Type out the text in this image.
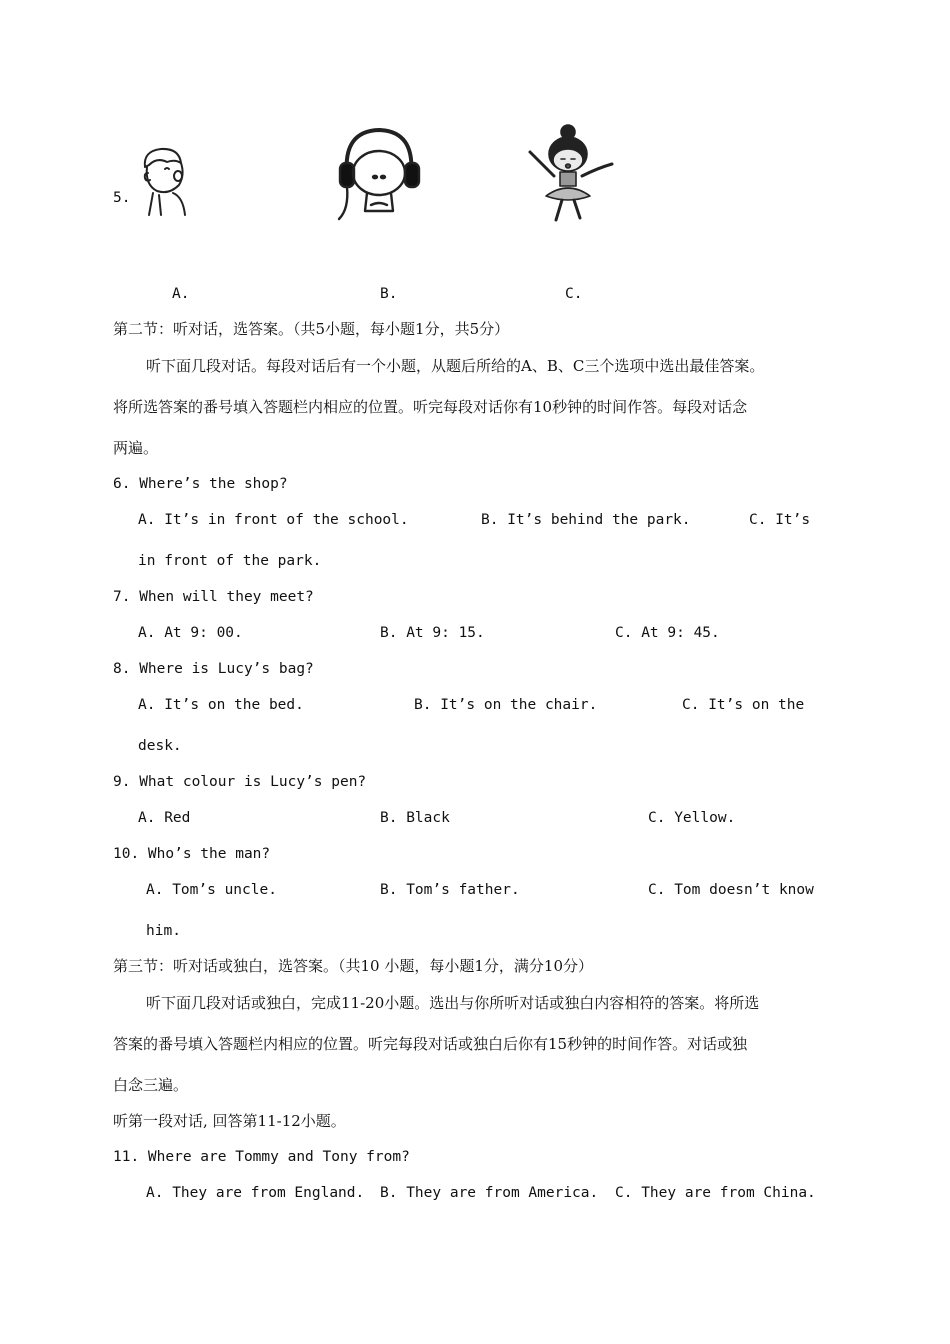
5.
A.	B.	C.
第二节：听对话，选答案。（共5小题，每小题1分，共5分）
听下面几段对话。每段对话后有一个小题，从题后所给的A、B、C三个选项中选出最佳答案。
将所选答案的番号填入答题栏内相应的位置。听完每段对话你有10秒钟的时间作答。每段对话念
两遍。
6. Where’s the shop?
A. It’s in front of the school.	B. It’s behind the park.	C. It’s
in front of the park.
7. When will they meet?
A. At 9: 00.	B. At 9: 15.	C. At 9: 45.
8. Where is Lucy’s bag?
A. It’s on the bed.	B. It’s on the chair.	C. It’s on the
desk.
9. What colour is Lucy’s pen?
A. Red	B. Black	C. Yellow.
10. Who’s the man?
A. Tom’s uncle.	B. Tom’s father.	C. Tom doesn’t know
him.
第三节：听对话或独白，选答案。（共10 小题，每小题1分，满分10分）
听下面几段对话或独白，完成11-20小题。选出与你所听对话或独白内容相符的答案。将所选
答案的番号填入答题栏内相应的位置。听完每段对话或独白后你有15秒钟的时间作答。对话或独
白念三遍。
听第一段对话, 回答第11-12小题。
11. Where are Tommy and Tony from?
A. They are from England. B. They are from America. C. They are from China.
